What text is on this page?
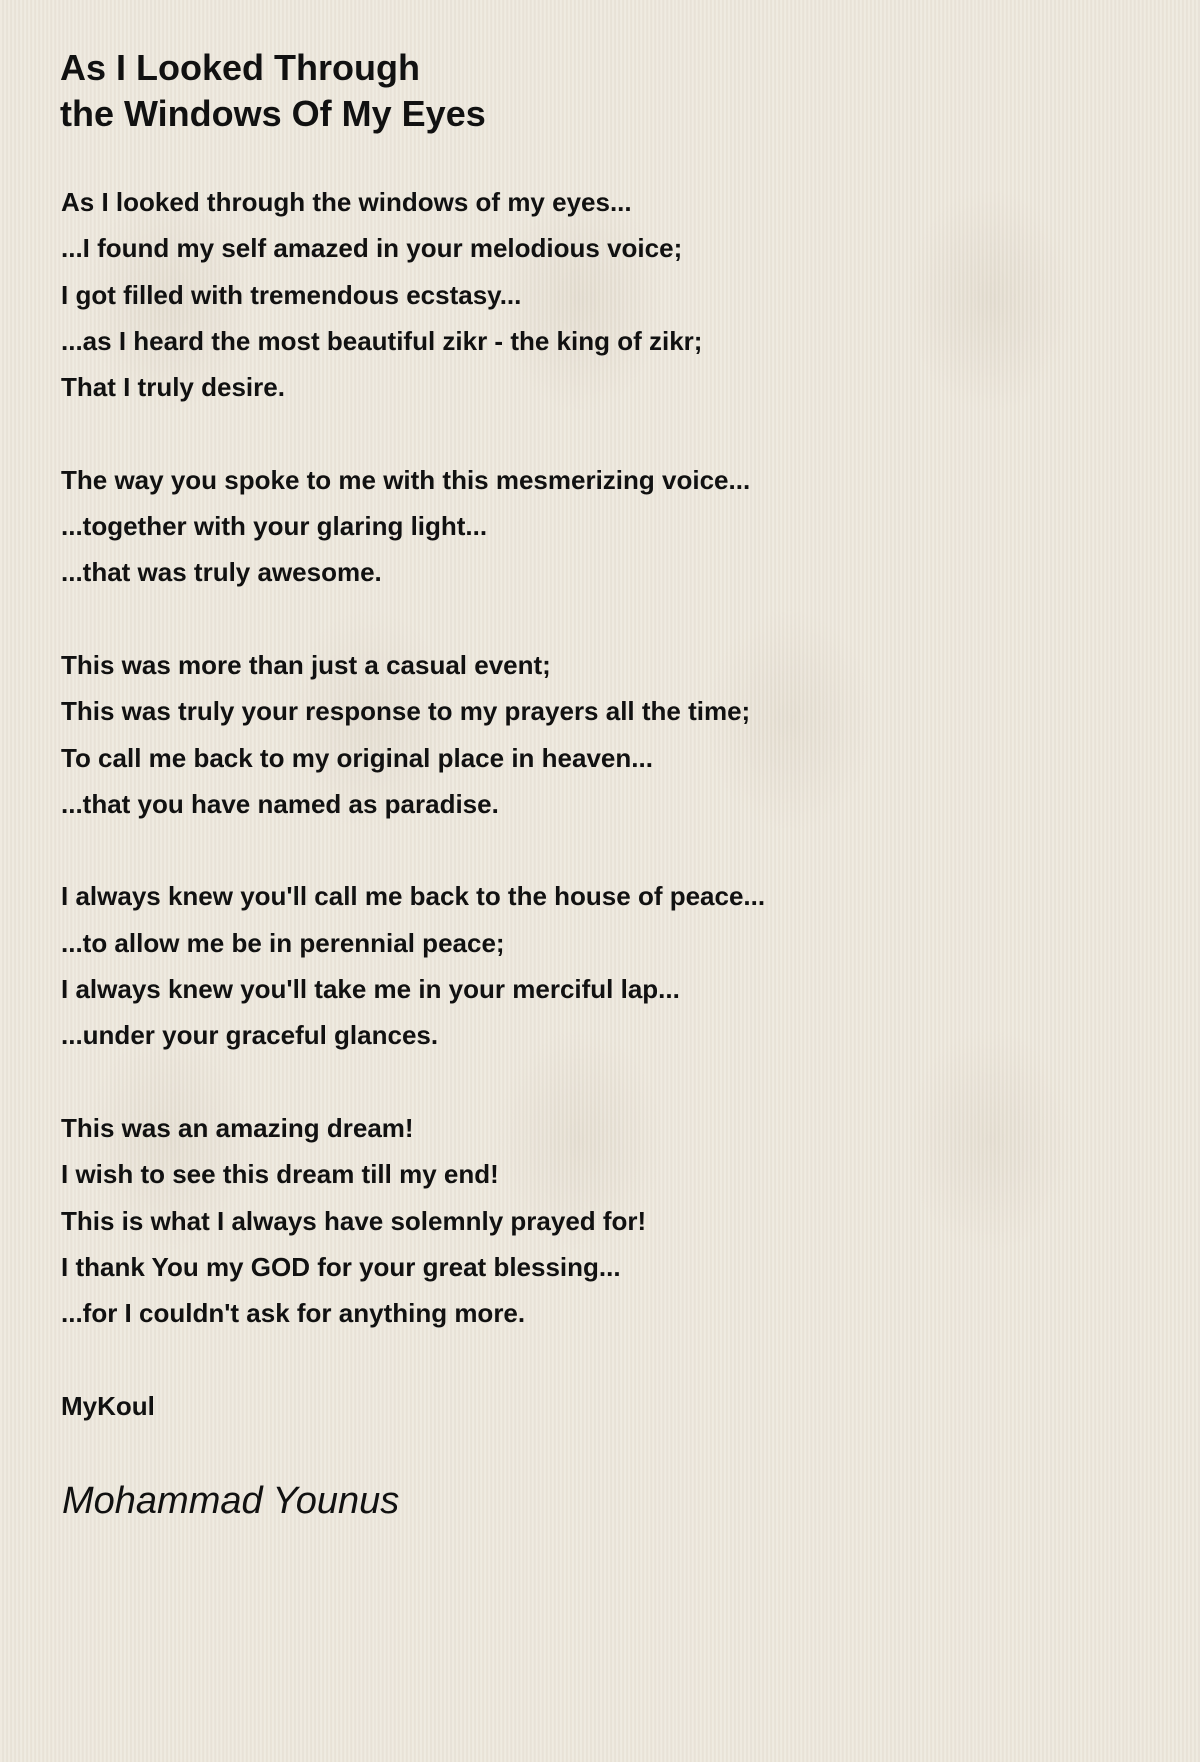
As I Looked Through
the Windows Of My Eyes
As I looked through the windows of my eyes...
...I found my self amazed in your melodious voice;
I got filled with tremendous ecstasy...
...as I heard the most beautiful zikr - the king of zikr;
That I truly desire.
The way you spoke to me with this mesmerizing voice...
...together with your glaring light...
...that was truly awesome.
This was more than just a casual event;
This was truly your response to my prayers all the time;
To call me back to my original place in heaven...
...that you have named as paradise.
I always knew you'll call me back to the house of peace...
...to allow me be in perennial peace;
I always knew you'll take me in your merciful lap...
...under your graceful glances.
This was an amazing dream!
I wish to see this dream till my end!
This is what I always have solemnly prayed for!
I thank You my GOD for your great blessing...
...for I couldn't ask for anything more.
MyKoul
Mohammad Younus
